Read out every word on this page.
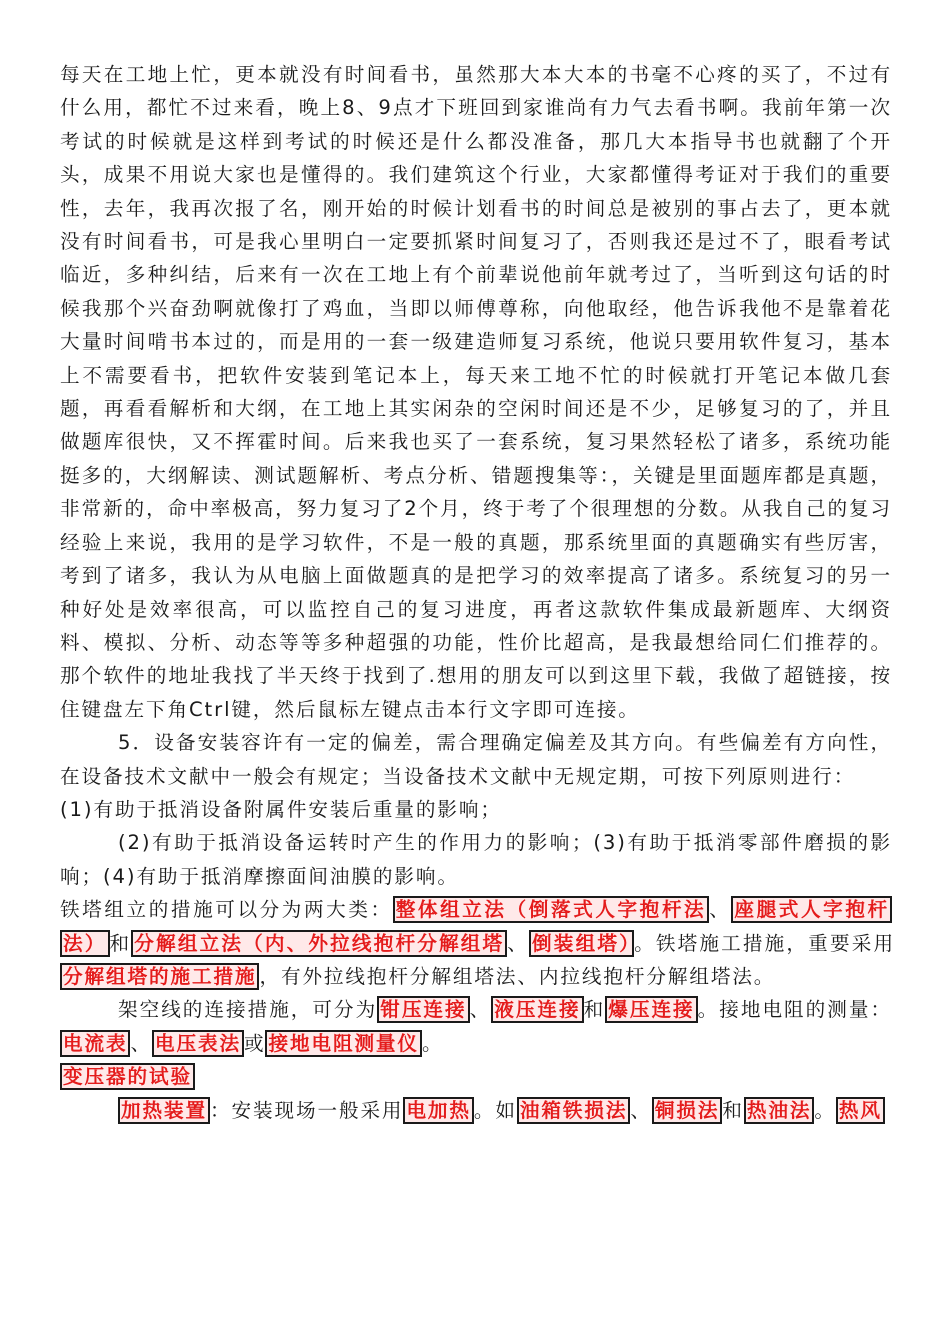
每天在工地上忙，更本就没有时间看书，虽然那大本大本的书毫不心疼的买了，不过有什么用，都忙不过来看，晚上8、9点才下班回到家谁尚有力气去看书啊。我前年第一次考试的时候就是这样到考试的时候还是什么都没准备，那几大本指导书也就翻了个开头，成果不用说大家也是懂得的。我们建筑这个行业，大家都懂得考证对于我们的重要性，去年，我再次报了名，刚开始的时候计划看书的时间总是被别的事占去了，更本就没有时间看书，可是我心里明白一定要抓紧时间复习了，否则我还是过不了，眼看考试临近，多种纠结，后来有一次在工地上有个前辈说他前年就考过了，当听到这句话的时候我那个兴奋劲啊就像打了鸡血，当即以师傅尊称，向他取经，他告诉我他不是靠着花大量时间啃书本过的，而是用的一套一级建造师复习系统，他说只要用软件复习，基本上不需要看书，把软件安装到笔记本上，每天来工地不忙的时候就打开笔记本做几套题，再看看解析和大纲，在工地上其实闲杂的空闲时间还是不少，足够复习的了，并且做题库很快，又不挥霍时间。后来我也买了一套系统，复习果然轻松了诸多，系统功能挺多的，大纲解读、测试题解析、考点分析、错题搜集等：，关键是里面题库都是真题，非常新的，命中率极高，努力复习了2个月，终于考了个很理想的分数。从我自己的复习经验上来说，我用的是学习软件，不是一般的真题，那系统里面的真题确实有些厉害，考到了诸多，我认为从电脑上面做题真的是把学习的效率提高了诸多。系统复习的另一种好处是效率很高，可以监控自己的复习进度，再者这款软件集成最新题库、大纲资料、模拟、分析、动态等等多种超强的功能，性价比超高，是我最想给同仁们推荐的。那个软件的地址我找了半天终于找到了.想用的朋友可以到这里下载，我做了超链接，按住键盘左下角Ctrl键，然后鼠标左键点击本行文字即可连接。

5．设备安装容许有一定的偏差，需合理确定偏差及其方向。有些偏差有方向性，在设备技术文献中一般会有规定；当设备技术文献中无规定期，可按下列原则进行：

(1)有助于抵消设备附属件安装后重量的影响；

(2)有助于抵消设备运转时产生的作用力的影响；(3)有助于抵消零部件磨损的影响；(4)有助于抵消摩擦面间油膜的影响。

铁塔组立的措施可以分为两大类： 整体组立法（倒落式人字抱杆法 、 座腿式人字抱杆法） 和 分解组立法（内、外拉线抱杆分解组塔 、 倒装组塔） 。铁塔施工措施，重要采用分解组塔的施工措施 ，有外拉线抱杆分解组塔法、内拉线抱杆分解组塔法。

架空线的连接措施，可分为 钳压连接 、 液压连接 和 爆压连接 。接地电阻的测量：电流表 、 电压表法 或 接地电阻测量仪 。

变压器的试验

加热装置 ：安装现场一般采用 电加热 。如 油箱铁损法 、 铜损法 和 热油法 。 热风
